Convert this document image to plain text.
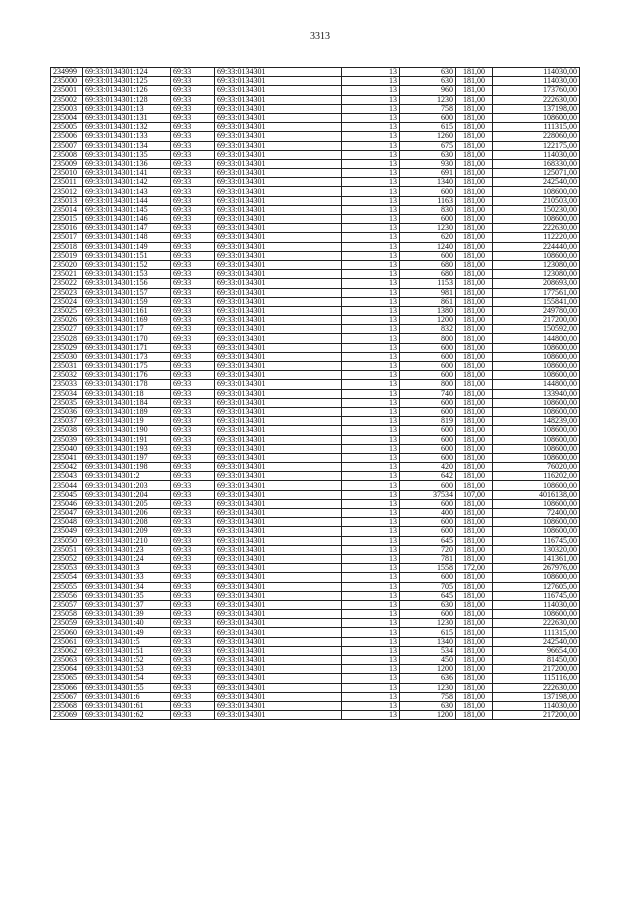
3313
234999	69:33:0134301:124	69:33	69:33:0134301	13	630	181,00	114030,00
235000	69:33:0134301:125	69:33	69:33:0134301	13	630	181,00	114030,00
235001	69:33:0134301:126	69:33	69:33:0134301	13	960	181,00	173760,00
235002	69:33:0134301:128	69:33	69:33:0134301	13	1230	181,00	222630,00
235003	69:33:0134301:13	69:33	69:33:0134301	13	758	181,00	137198,00
235004	69:33:0134301:131	69:33	69:33:0134301	13	600	181,00	108600,00
235005	69:33:0134301:132	69:33	69:33:0134301	13	615	181,00	111315,00
235006	69:33:0134301:133	69:33	69:33:0134301	13	1260	181,00	228060,00
235007	69:33:0134301:134	69:33	69:33:0134301	13	675	181,00	122175,00
235008	69:33:0134301:135	69:33	69:33:0134301	13	630	181,00	114030,00
235009	69:33:0134301:136	69:33	69:33:0134301	13	930	181,00	168330,00
235010	69:33:0134301:141	69:33	69:33:0134301	13	691	181,00	125071,00
235011	69:33:0134301:142	69:33	69:33:0134301	13	1340	181,00	242540,00
235012	69:33:0134301:143	69:33	69:33:0134301	13	600	181,00	108600,00
235013	69:33:0134301:144	69:33	69:33:0134301	13	1163	181,00	210503,00
235014	69:33:0134301:145	69:33	69:33:0134301	13	830	181,00	150230,00
235015	69:33:0134301:146	69:33	69:33:0134301	13	600	181,00	108600,00
235016	69:33:0134301:147	69:33	69:33:0134301	13	1230	181,00	222630,00
235017	69:33:0134301:148	69:33	69:33:0134301	13	620	181,00	112220,00
235018	69:33:0134301:149	69:33	69:33:0134301	13	1240	181,00	224440,00
235019	69:33:0134301:151	69:33	69:33:0134301	13	600	181,00	108600,00
235020	69:33:0134301:152	69:33	69:33:0134301	13	680	181,00	123080,00
235021	69:33:0134301:153	69:33	69:33:0134301	13	680	181,00	123080,00
235022	69:33:0134301:156	69:33	69:33:0134301	13	1153	181,00	208693,00
235023	69:33:0134301:157	69:33	69:33:0134301	13	981	181,00	177561,00
235024	69:33:0134301:159	69:33	69:33:0134301	13	861	181,00	155841,00
235025	69:33:0134301:161	69:33	69:33:0134301	13	1380	181,00	249780,00
235026	69:33:0134301:169	69:33	69:33:0134301	13	1200	181,00	217200,00
235027	69:33:0134301:17	69:33	69:33:0134301	13	832	181,00	150592,00
235028	69:33:0134301:170	69:33	69:33:0134301	13	800	181,00	144800,00
235029	69:33:0134301:171	69:33	69:33:0134301	13	600	181,00	108600,00
235030	69:33:0134301:173	69:33	69:33:0134301	13	600	181,00	108600,00
235031	69:33:0134301:175	69:33	69:33:0134301	13	600	181,00	108600,00
235032	69:33:0134301:176	69:33	69:33:0134301	13	600	181,00	108600,00
235033	69:33:0134301:178	69:33	69:33:0134301	13	800	181,00	144800,00
235034	69:33:0134301:18	69:33	69:33:0134301	13	740	181,00	133940,00
235035	69:33:0134301:184	69:33	69:33:0134301	13	600	181,00	108600,00
235036	69:33:0134301:189	69:33	69:33:0134301	13	600	181,00	108600,00
235037	69:33:0134301:19	69:33	69:33:0134301	13	819	181,00	148239,00
235038	69:33:0134301:190	69:33	69:33:0134301	13	600	181,00	108600,00
235039	69:33:0134301:191	69:33	69:33:0134301	13	600	181,00	108600,00
235040	69:33:0134301:193	69:33	69:33:0134301	13	600	181,00	108600,00
235041	69:33:0134301:197	69:33	69:33:0134301	13	600	181,00	108600,00
235042	69:33:0134301:198	69:33	69:33:0134301	13	420	181,00	76020,00
235043	69:33:0134301:2	69:33	69:33:0134301	13	642	181,00	116202,00
235044	69:33:0134301:203	69:33	69:33:0134301	13	600	181,00	108600,00
235045	69:33:0134301:204	69:33	69:33:0134301	13	37534	107,00	4016138,00
235046	69:33:0134301:205	69:33	69:33:0134301	13	600	181,00	108600,00
235047	69:33:0134301:206	69:33	69:33:0134301	13	400	181,00	72400,00
235048	69:33:0134301:208	69:33	69:33:0134301	13	600	181,00	108600,00
235049	69:33:0134301:209	69:33	69:33:0134301	13	600	181,00	108600,00
235050	69:33:0134301:210	69:33	69:33:0134301	13	645	181,00	116745,00
235051	69:33:0134301:23	69:33	69:33:0134301	13	720	181,00	130320,00
235052	69:33:0134301:24	69:33	69:33:0134301	13	781	181,00	141361,00
235053	69:33:0134301:3	69:33	69:33:0134301	13	1558	172,00	267976,00
235054	69:33:0134301:33	69:33	69:33:0134301	13	600	181,00	108600,00
235055	69:33:0134301:34	69:33	69:33:0134301	13	705	181,00	127605,00
235056	69:33:0134301:35	69:33	69:33:0134301	13	645	181,00	116745,00
235057	69:33:0134301:37	69:33	69:33:0134301	13	630	181,00	114030,00
235058	69:33:0134301:39	69:33	69:33:0134301	13	600	181,00	108600,00
235059	69:33:0134301:40	69:33	69:33:0134301	13	1230	181,00	222630,00
235060	69:33:0134301:49	69:33	69:33:0134301	13	615	181,00	111315,00
235061	69:33:0134301:5	69:33	69:33:0134301	13	1340	181,00	242540,00
235062	69:33:0134301:51	69:33	69:33:0134301	13	534	181,00	96654,00
235063	69:33:0134301:52	69:33	69:33:0134301	13	450	181,00	81450,00
235064	69:33:0134301:53	69:33	69:33:0134301	13	1200	181,00	217200,00
235065	69:33:0134301:54	69:33	69:33:0134301	13	636	181,00	115116,00
235066	69:33:0134301:55	69:33	69:33:0134301	13	1230	181,00	222630,00
235067	69:33:0134301:6	69:33	69:33:0134301	13	758	181,00	137198,00
235068	69:33:0134301:61	69:33	69:33:0134301	13	630	181,00	114030,00
235069	69:33:0134301:62	69:33	69:33:0134301	13	1200	181,00	217200,00
